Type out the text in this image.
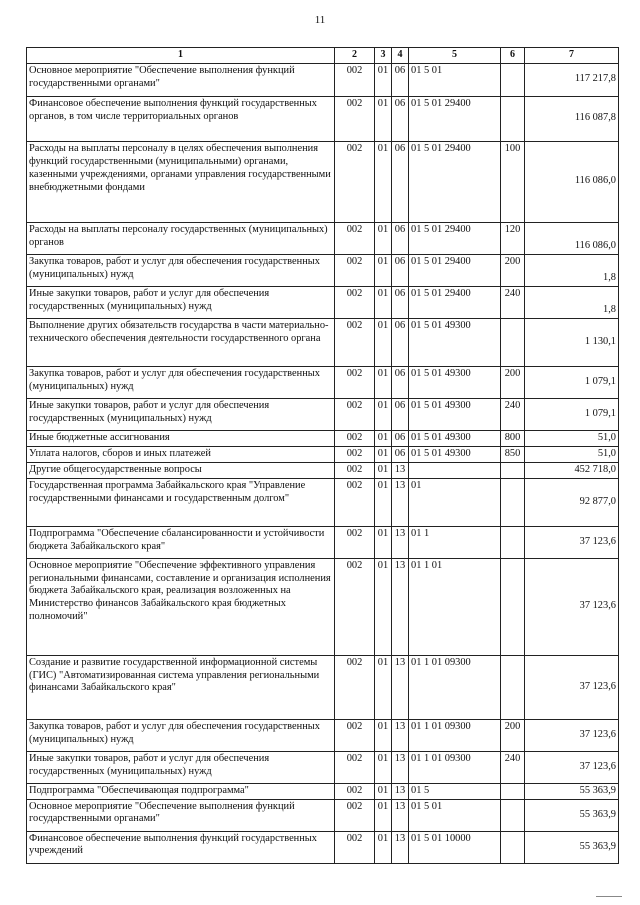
11
1	2	3	4	5	6	7
Основное мероприятие "Обеспечение выполнения функций государственными органами"	002	01	06	01 5 01		117 217,8
Финансовое обеспечение выполнения функций государственных органов, в том числе территориальных органов	002	01	06	01 5 01 29400		116 087,8
Расходы на выплаты персоналу в целях обеспечения выполнения функций государственными (муниципальными) органами, казенными учреждениями, органами управления государственными внебюджетными фондами	002	01	06	01 5 01 29400	100	116 086,0
Расходы на выплаты персоналу государственных (муниципальных) органов	002	01	06	01 5 01 29400	120	116 086,0
Закупка товаров, работ и услуг для обеспечения государственных (муниципальных) нужд	002	01	06	01 5 01 29400	200	1,8
Иные закупки товаров, работ и услуг для обеспечения государственных (муниципальных) нужд	002	01	06	01 5 01 29400	240	1,8
Выполнение других обязательств государства в части материально-технического обеспечения деятельности государственного органа	002	01	06	01 5 01 49300		1 130,1
Закупка товаров, работ и услуг для обеспечения государственных (муниципальных) нужд	002	01	06	01 5 01 49300	200	1 079,1
Иные закупки товаров, работ и услуг для обеспечения государственных (муниципальных) нужд	002	01	06	01 5 01 49300	240	1 079,1
Иные бюджетные ассигнования	002	01	06	01 5 01 49300	800	51,0
Уплата налогов, сборов и иных платежей	002	01	06	01 5 01 49300	850	51,0
Другие общегосударственные вопросы	002	01	13			452 718,0
Государственная программа Забайкальского края "Управление государственными финансами и государственным долгом"	002	01	13	01		92 877,0
Подпрограмма "Обеспечение сбалансированности и устойчивости бюджета Забайкальского края"	002	01	13	01 1		37 123,6
Основное мероприятие "Обеспечение эффективного управления региональными финансами, составление и организация исполнения бюджета Забайкальского края, реализация возложенных на Министерство финансов Забайкальского края бюджетных полномочий"	002	01	13	01 1 01		37 123,6
Создание и развитие государственной информационной системы (ГИС) "Автоматизированная система управления региональными финансами Забайкальского края"	002	01	13	01 1 01 09300		37 123,6
Закупка товаров, работ и услуг для обеспечения государственных (муниципальных) нужд	002	01	13	01 1 01 09300	200	37 123,6
Иные закупки товаров, работ и услуг для обеспечения государственных (муниципальных) нужд	002	01	13	01 1 01 09300	240	37 123,6
Подпрограмма "Обеспечивающая подпрограмма"	002	01	13	01 5		55 363,9
Основное мероприятие "Обеспечение выполнения функций государственными органами"	002	01	13	01 5 01		55 363,9
Финансовое обеспечение выполнения функций государственных учреждений	002	01	13	01 5 01 10000		55 363,9
